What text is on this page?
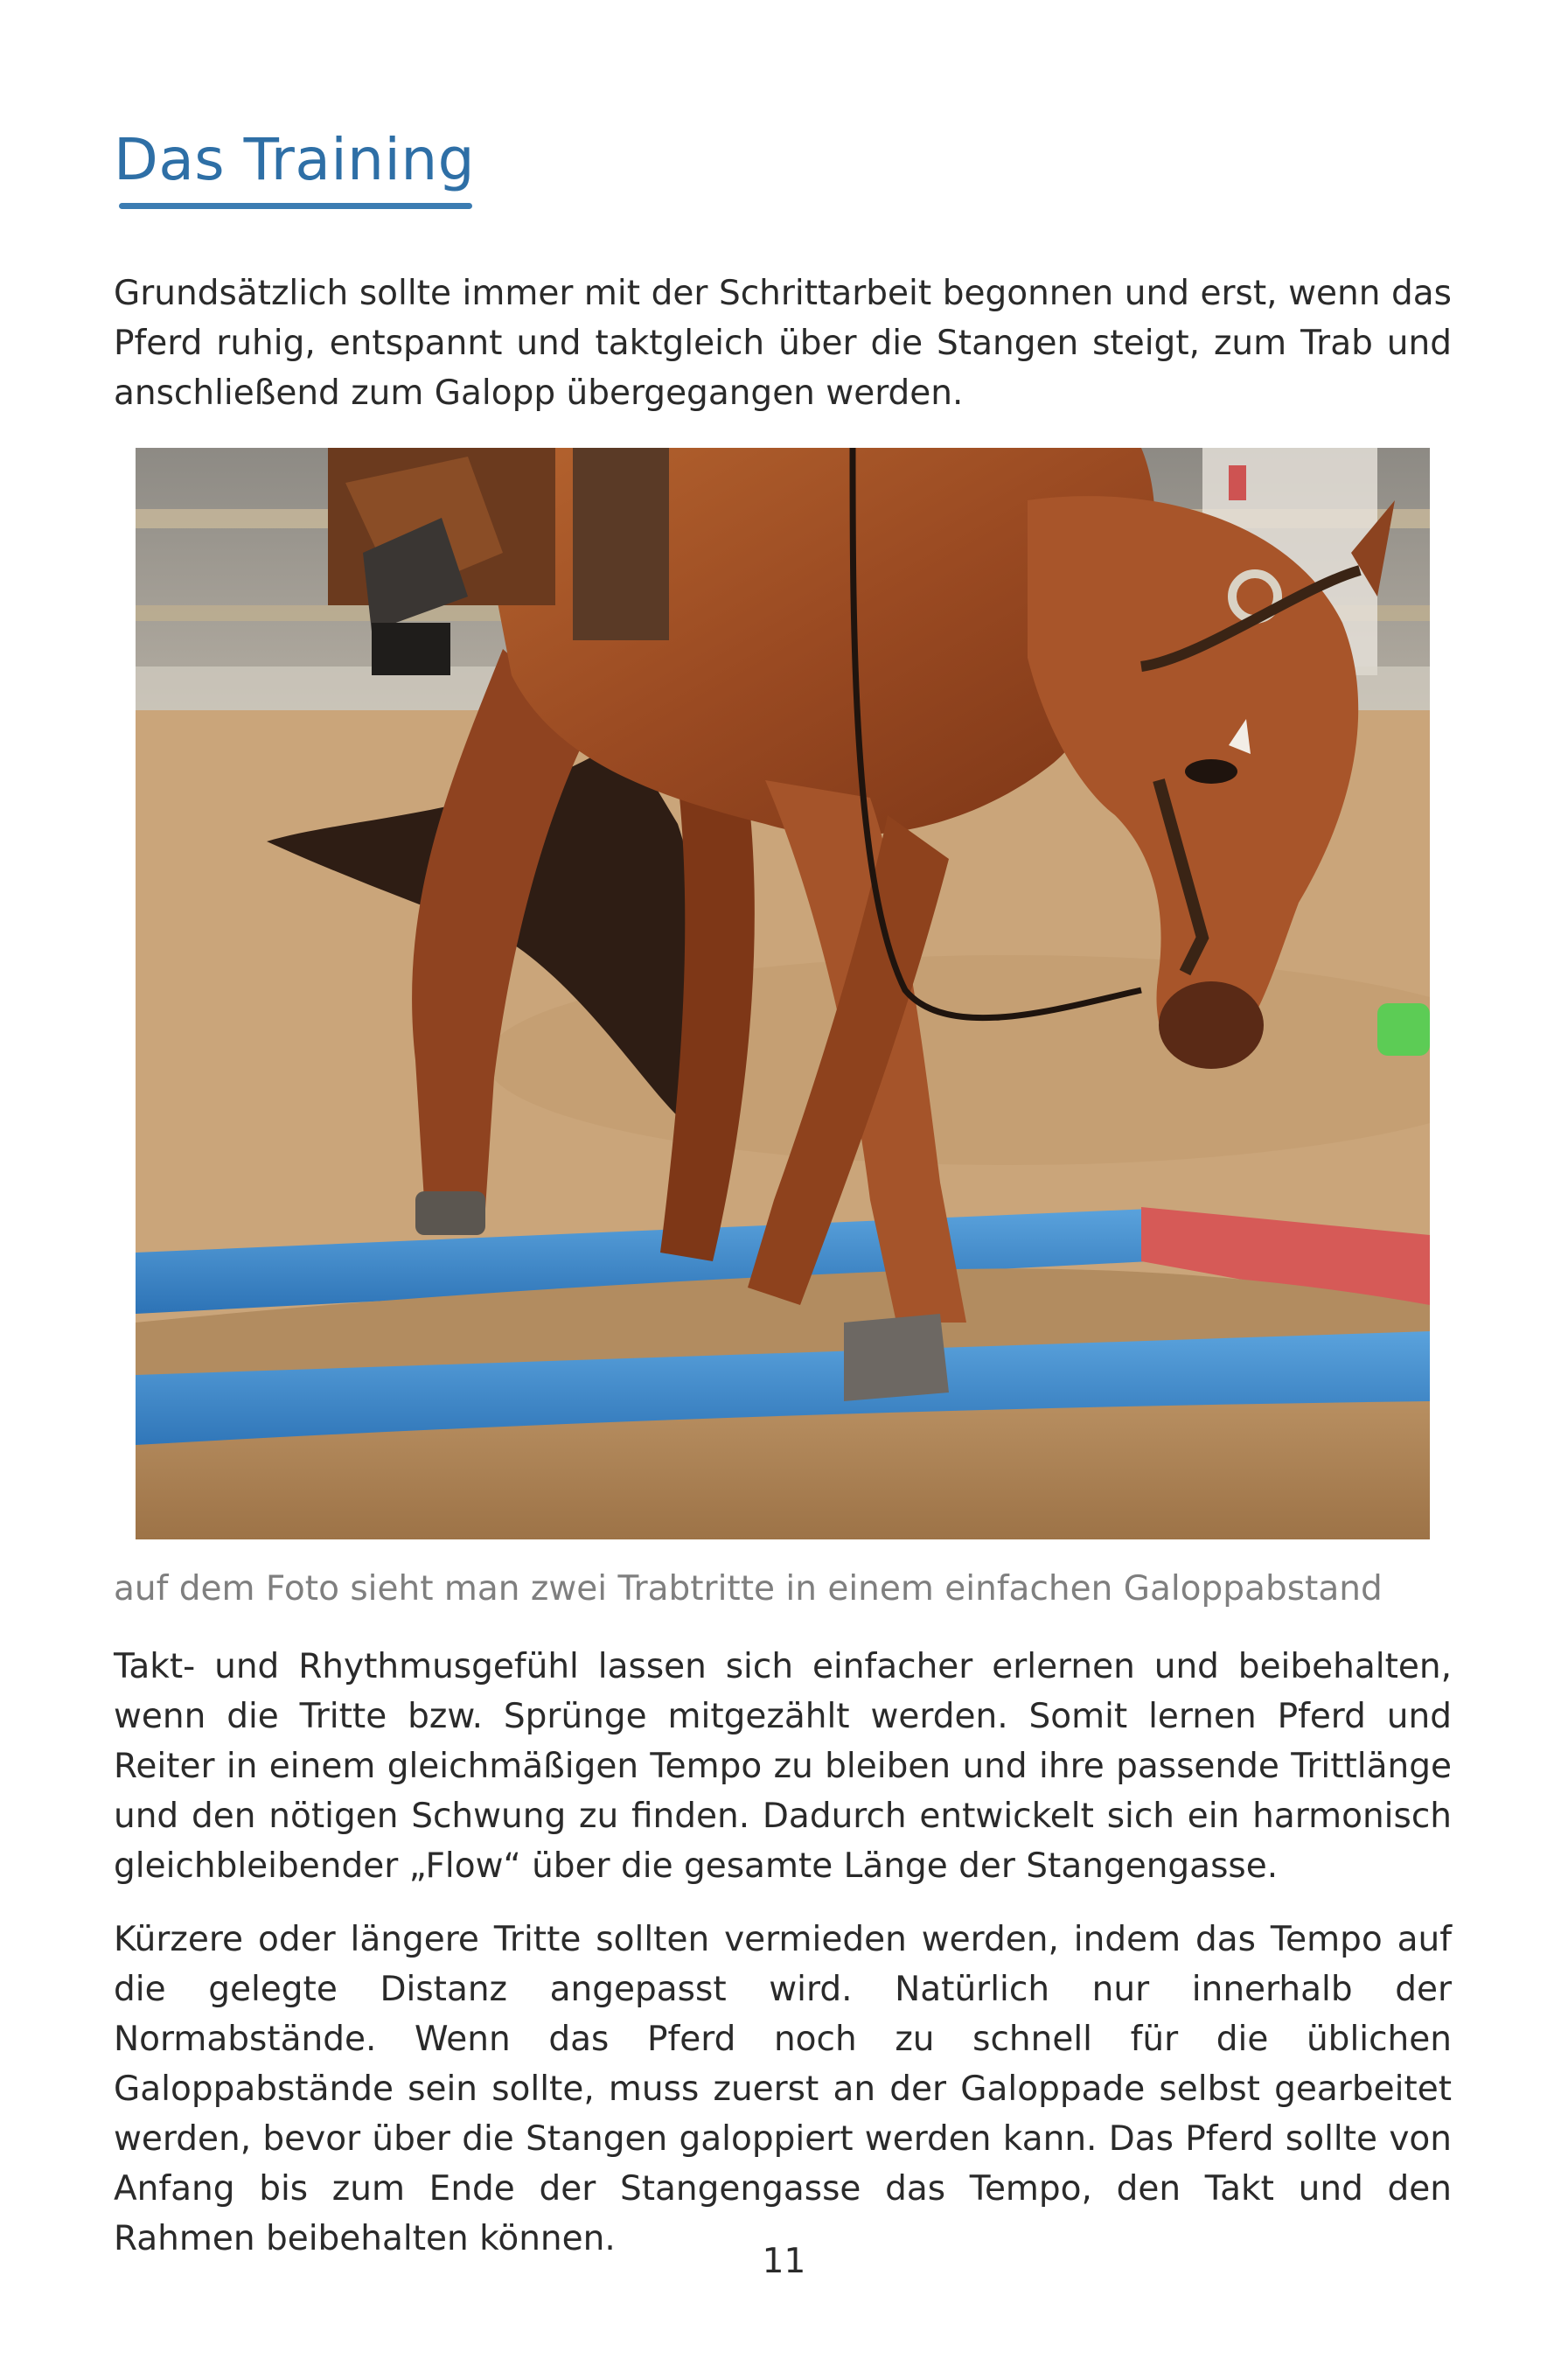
Das Training

Grundsätzlich sollte immer mit der Schrittarbeit begonnen und erst, wenn das Pferd ruhig, entspannt und taktgleich über die Stangen steigt, zum Trab und anschließend zum Galopp übergegangen werden.

auf dem Foto sieht man zwei Trabtritte in einem einfachen Galoppabstand

Takt- und Rhythmusgefühl lassen sich einfacher erlernen und beibehalten, wenn die Tritte bzw. Sprünge mitgezählt werden. Somit lernen Pferd und Reiter in einem gleichmäßigen Tempo zu bleiben und ihre passende Trittlänge und den nötigen Schwung zu finden. Dadurch entwickelt sich ein harmonisch gleichbleibender „Flow“ über die gesamte Länge der Stangengasse.

Kürzere oder längere Tritte sollten vermieden werden, indem das Tempo auf die gelegte Distanz angepasst wird. Natürlich nur innerhalb der Normabstände. Wenn das Pferd noch zu schnell für die üblichen Galoppabstände sein sollte, muss zuerst an der Galoppade selbst gearbeitet werden, bevor über die Stangen galoppiert werden kann. Das Pferd sollte von Anfang bis zum Ende der Stangengasse das Tempo, den Takt und den Rahmen beibehalten können.

11
